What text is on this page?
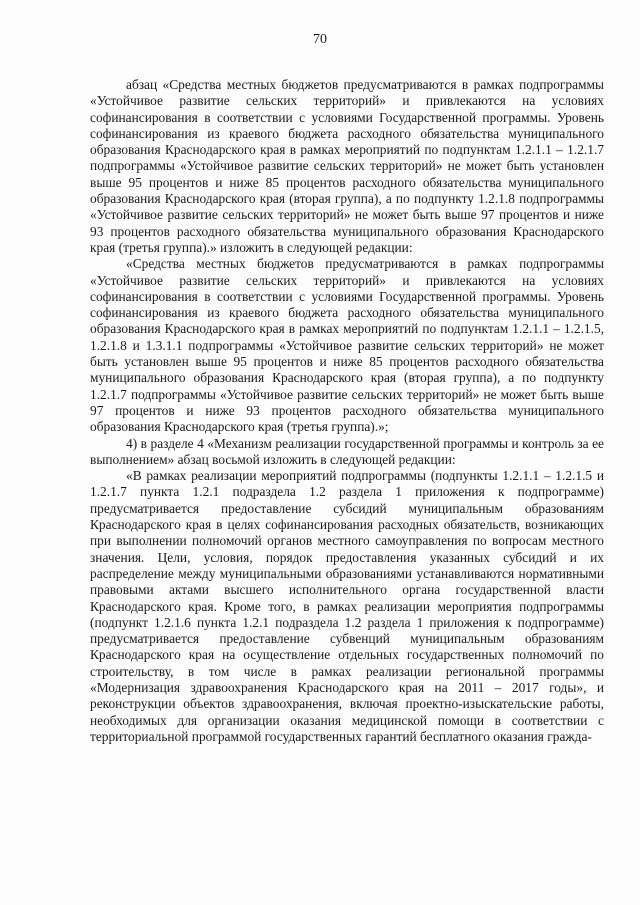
70

абзац «Средства местных бюджетов предусматриваются в рамках подпрограммы «Устойчивое развитие сельских территорий» и привлекаются на условиях софинансирования в соответствии с условиями Государственной программы. Уровень софинансирования из краевого бюджета расходного обязательства муниципального образования Краснодарского края в рамках мероприятий по подпунктам 1.2.1.1 – 1.2.1.7 подпрограммы «Устойчивое развитие сельских территорий» не может быть установлен выше 95 процентов и ниже 85 процентов расходного обязательства муниципального образования Краснодарского края (вторая группа), а по подпункту 1.2.1.8 подпрограммы «Устойчивое развитие сельских территорий» не может быть выше 97 процентов и ниже 93 процентов расходного обязательства муниципального образования Краснодарского края (третья группа).» изложить в следующей редакции:

«Средства местных бюджетов предусматриваются в рамках подпрограммы «Устойчивое развитие сельских территорий» и привлекаются на условиях софинансирования в соответствии с условиями Государственной программы. Уровень софинансирования из краевого бюджета расходного обязательства муниципального образования Краснодарского края в рамках мероприятий по подпунктам 1.2.1.1 – 1.2.1.5, 1.2.1.8 и 1.3.1.1 подпрограммы «Устойчивое развитие сельских территорий» не может быть установлен выше 95 процентов и ниже 85 процентов расходного обязательства муниципального образования Краснодарского края (вторая группа), а по подпункту 1.2.1.7 подпрограммы «Устойчивое развитие сельских территорий» не может быть выше 97 процентов и ниже 93 процентов расходного обязательства муниципального образования Краснодарского края (третья группа).»;

4) в разделе 4 «Механизм реализации государственной программы и контроль за ее выполнением» абзац восьмой изложить в следующей редакции:

«В рамках реализации мероприятий подпрограммы (подпункты 1.2.1.1 – 1.2.1.5 и 1.2.1.7 пункта 1.2.1 подраздела 1.2 раздела 1 приложения к подпрограмме) предусматривается предоставление субсидий муниципальным образованиям Краснодарского края в целях софинансирования расходных обязательств, возникающих при выполнении полномочий органов местного самоуправления по вопросам местного значения. Цели, условия, порядок предоставления указанных субсидий и их распределение между муниципальными образованиями устанавливаются нормативными правовыми актами высшего исполнительного органа государственной власти Краснодарского края. Кроме того, в рамках реализации мероприятия подпрограммы (подпункт 1.2.1.6 пункта 1.2.1 подраздела 1.2 раздела 1 приложения к подпрограмме) предусматривается предоставление субвенций муниципальным образованиям Краснодарского края на осуществление отдельных государственных полномочий по строительству, в том числе в рамках реализации региональной программы «Модернизация здравоохранения Краснодарского края на 2011 – 2017 годы», и реконструкции объектов здравоохранения, включая проектно-изыскательские работы, необходимых для организации оказания медицинской помощи в соответствии с территориальной программой государственных гарантий бесплатного оказания гражда-
